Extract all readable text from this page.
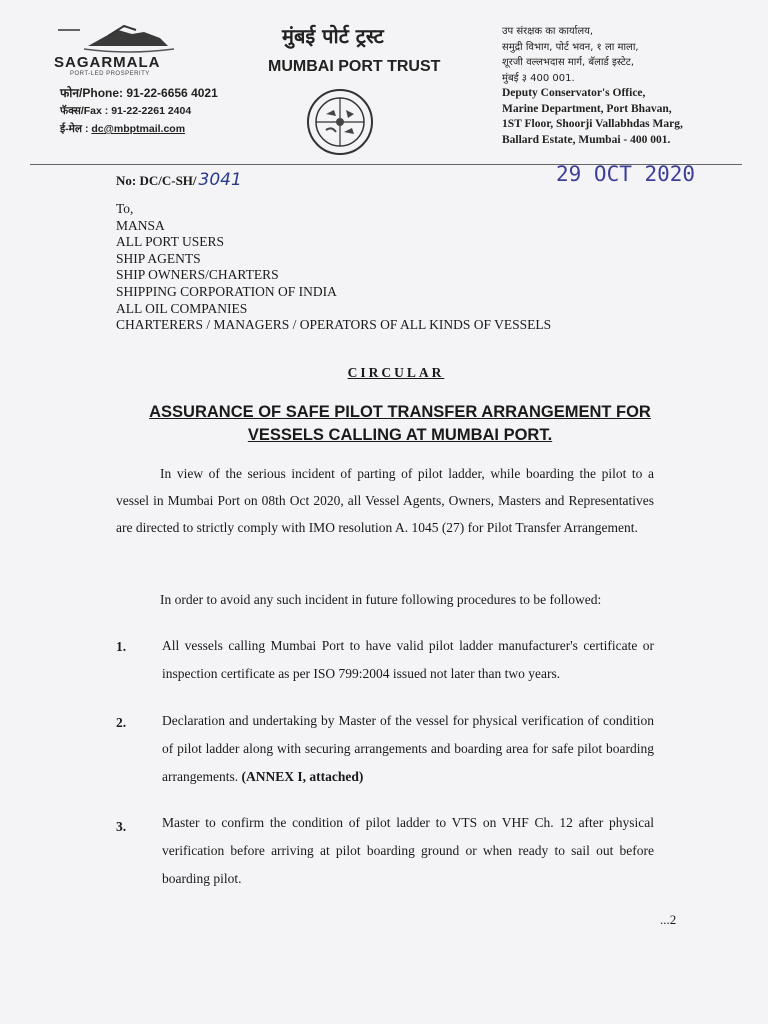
SAGARMALA
PORT-LED PROSPERITY
फोन/Phone: 91-22-6656 4021
फॅक्स/Fax : 91-22-2261 2404
ई-मेल : dc@mbptmail.com
मुंबई पोर्ट ट्रस्ट
MUMBAI PORT TRUST
उप संरक्षक का कार्यालय,
समुद्री विभाग, पोर्ट भवन, १ ला माला,
शूरजी वल्लभदास मार्ग, बॅलार्ड इस्टेट,
मुंबई ३ 400 001.
Deputy Conservator's Office,
Marine Department, Port Bhavan,
1ST Floor, Shoorji Vallabhdas Marg,
Ballard Estate, Mumbai - 400 001.
No: DC/C-SH/ 3041	29 OCT 2020
To,
MANSA
ALL PORT USERS
SHIP AGENTS
SHIP OWNERS/CHARTERS
SHIPPING CORPORATION OF INDIA
ALL OIL COMPANIES
CHARTERERS / MANAGERS / OPERATORS OF ALL KINDS OF VESSELS
CIRCULAR
ASSURANCE OF SAFE PILOT TRANSFER ARRANGEMENT FOR
VESSELS CALLING AT MUMBAI PORT.
In view of the serious incident of parting of pilot ladder, while boarding the pilot to a vessel in Mumbai Port on 08th Oct 2020, all Vessel Agents, Owners, Masters and Representatives are directed to strictly comply with IMO resolution A. 1045 (27) for Pilot Transfer Arrangement.
In order to avoid any such incident in future following procedures to be followed:
1.	All vessels calling Mumbai Port to have valid pilot ladder manufacturer's certificate or inspection certificate as per ISO 799:2004 issued not later than two years.
2.	Declaration and undertaking by Master of the vessel for physical verification of condition of pilot ladder along with securing arrangements and boarding area for safe pilot boarding arrangements. (ANNEX I, attached)
3.	Master to confirm the condition of pilot ladder to VTS on VHF Ch. 12 after physical verification before arriving at pilot boarding ground or when ready to sail out before boarding pilot.
...2
